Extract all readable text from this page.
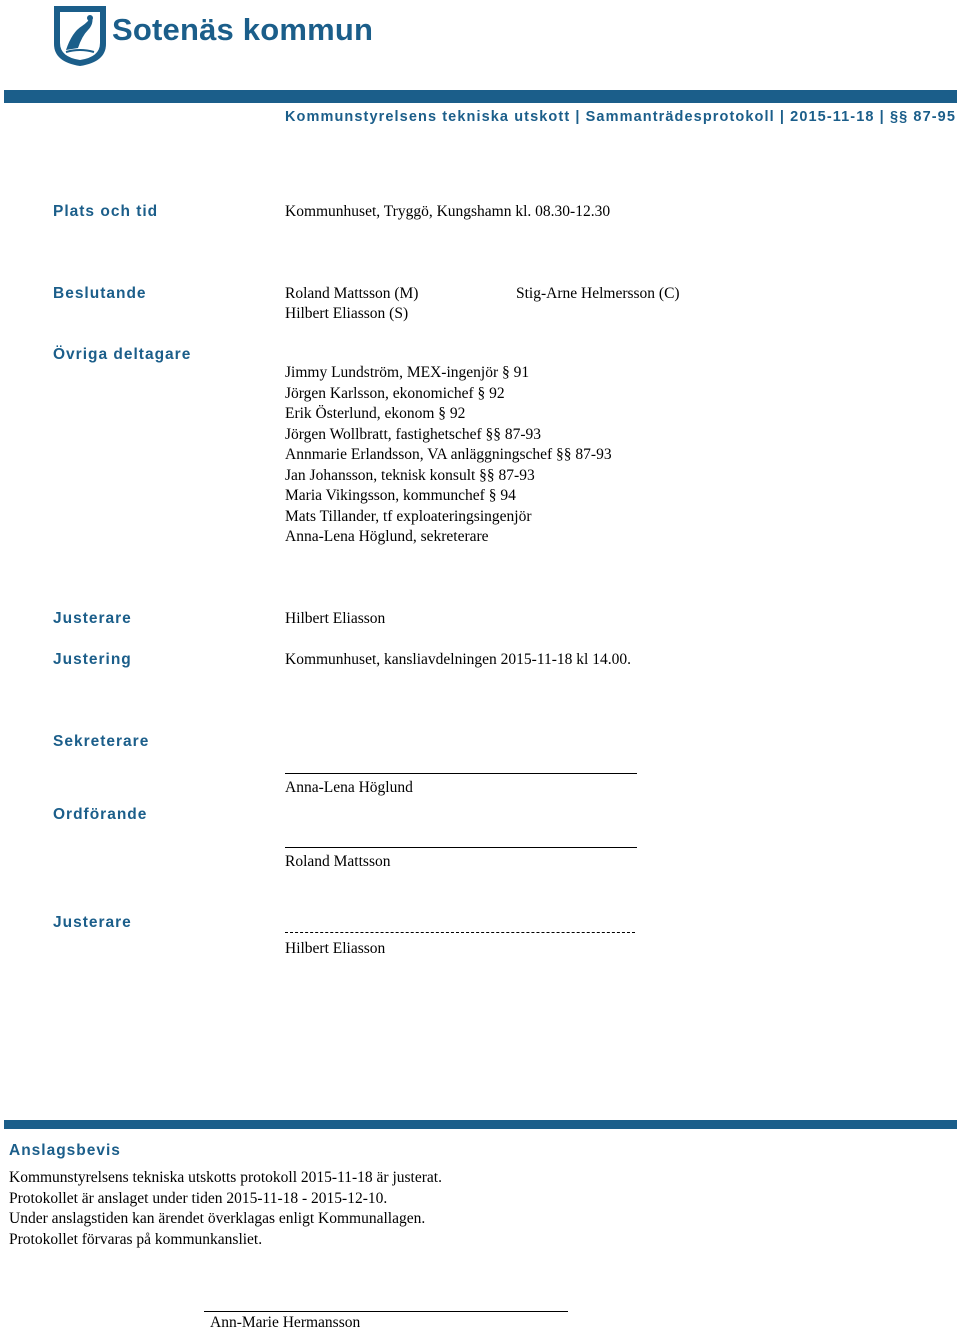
Sotenäs kommun
Kommunstyrelsens tekniska utskott | Sammanträdesprotokoll | 2015-11-18 | §§ 87-95
Plats och tid	Kommunhuset, Tryggö, Kungshamn kl. 08.30-12.30
Beslutande	Roland Mattsson (M)
Hilbert Eliasson (S)
Stig-Arne Helmersson (C)
Övriga deltagare
Jimmy Lundström, MEX-ingenjör § 91
Jörgen Karlsson, ekonomichef § 92
Erik Österlund, ekonom § 92
Jörgen Wollbratt, fastighetschef §§ 87-93
Annmarie Erlandsson, VA anläggningschef §§ 87-93
Jan Johansson, teknisk konsult §§ 87-93
Maria Vikingsson, kommunchef § 94
Mats Tillander, tf exploateringsingenjör
Anna-Lena Höglund, sekreterare
Justerare	Hilbert Eliasson
Justering	Kommunhuset, kansliavdelningen 2015-11-18 kl 14.00.
Sekreterare
Anna-Lena Höglund
Ordförande
Roland Mattsson
Justerare
Hilbert Eliasson
Anslagsbevis
Kommunstyrelsens tekniska utskotts protokoll 2015-11-18 är justerat.
Protokollet är anslaget under tiden 2015-11-18 - 2015-12-10.
Under anslagstiden kan ärendet överklagas enligt Kommunallagen.
Protokollet förvaras på kommunkansliet.
Ann-Marie Hermansson
